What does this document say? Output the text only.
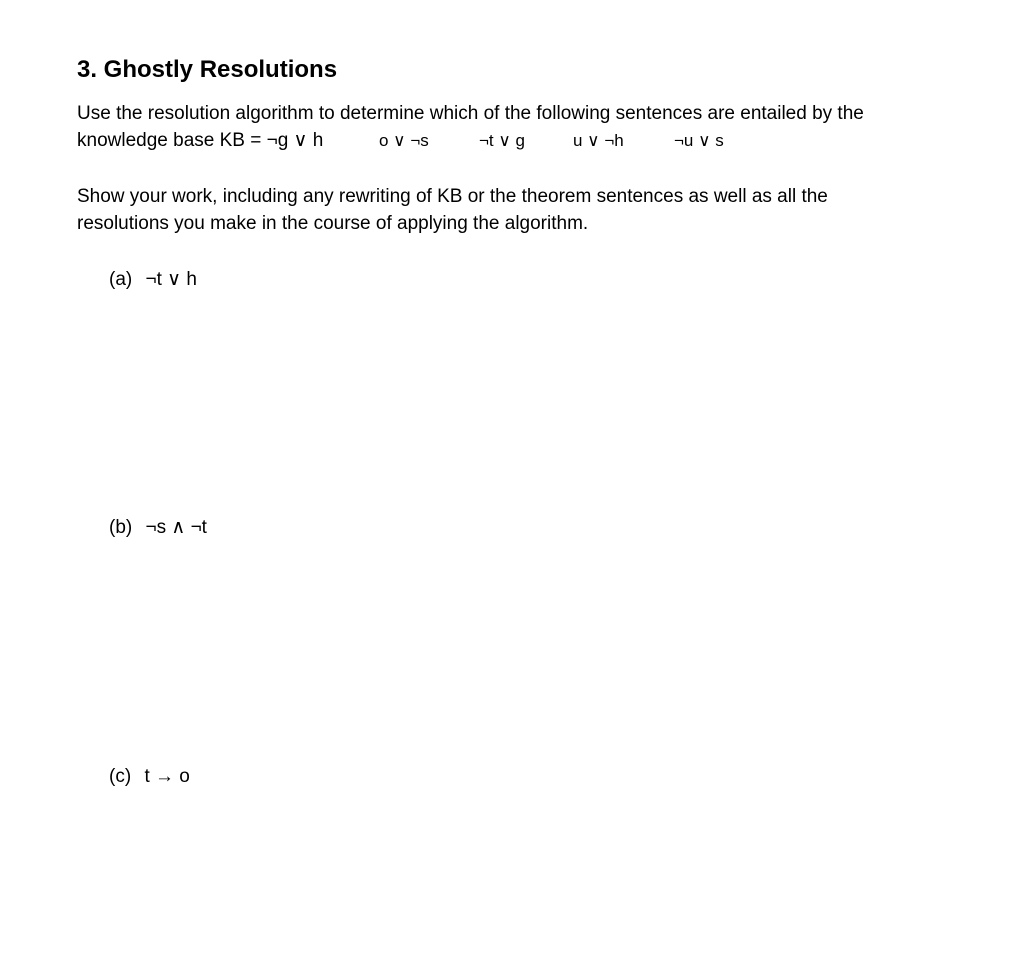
3. Ghostly Resolutions

Use the resolution algorithm to determine which of the following sentences are entailed by the

knowledge base KB = ¬g ∨ h	o ∨ ¬s	¬t ∨ g	u ∨ ¬h	¬u ∨ s
Show your work, including any rewriting of KB or the theorem sentences as well as all the
resolutions you make in the course of applying the algorithm.
(a) ¬t ∨ h
(b) ¬s ∧ ¬t
(c) t → o
